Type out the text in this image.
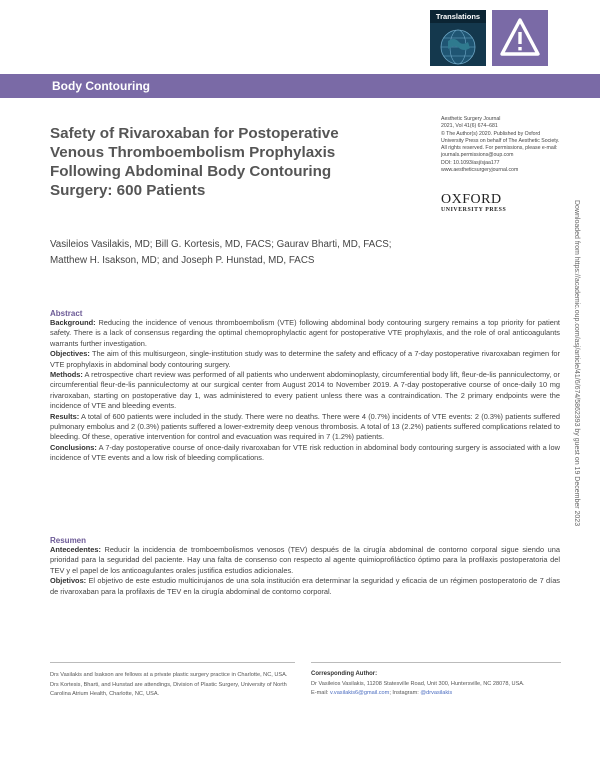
Translations
Body Contouring
Safety of Rivaroxaban for Postoperative Venous Thromboembolism Prophylaxis Following Abdominal Body Contouring Surgery: 600 Patients
Aesthetic Surgery Journal
2021, Vol 41(6) 674–681
© The Author(s) 2020. Published by Oxford University Press on behalf of The Aesthetic Society. All rights reserved. For permissions, please e-mail: journals.permissions@oup.com
DOI: 10.1093/asj/sjaa177
www.aestheticsurgeryjournal.com
OXFORD
UNIVERSITY PRESS
Vasileios Vasilakis, MD; Bill G. Kortesis, MD, FACS; Gaurav Bharti, MD, FACS;
Matthew H. Isakson, MD; and Joseph P. Hunstad, MD, FACS	Downloaded from https://academic.oup.com/asj/article/41/6/674/5862393 by guest on 19 December 2023
Abstract
Background: Reducing the incidence of venous thromboembolism (VTE) following abdominal body contouring surgery remains a top priority for patient safety. There is a lack of consensus regarding the optimal chemoprophylactic agent for postoperative VTE prophylaxis, and the role of oral anticoagulants warrants further investigation.
Objectives: The aim of this multisurgeon, single-institution study was to determine the safety and efficacy of a 7-day postoperative rivaroxaban regimen for VTE prophylaxis in abdominal body contouring surgery.
Methods: A retrospective chart review was performed of all patients who underwent abdominoplasty, circumferential body lift, fleur-de-lis panniculectomy, or circumferential fleur-de-lis panniculectomy at our surgical center from August 2014 to November 2019. A 7-day postoperative course of once-daily 10 mg rivaroxaban, starting on postoperative day 1, was administered to every patient unless there was a contraindication. The 2 primary endpoints were the incidence of VTE and bleeding events.
Results: A total of 600 patients were included in the study. There were no deaths. There were 4 (0.7%) incidents of VTE events: 2 (0.3%) patients suffered pulmonary embolus and 2 (0.3%) patients suffered a lower-extremity deep venous thrombosis. A total of 13 (2.2%) patients suffered complications related to bleeding. Of these, operative intervention for control and evacuation was required in 7 (1.2%) patients.
Conclusions: A 7-day postoperative course of once-daily rivaroxaban for VTE risk reduction in abdominal body contouring surgery is associated with a low incidence of VTE events and a low risk of bleeding complications.
Resumen
Antecedentes: Reducir la incidencia de tromboembolismos venosos (TEV) después de la cirugía abdominal de contorno corporal sigue siendo una prioridad para la seguridad del paciente. Hay una falta de consenso con respecto al agente quimioprofiláctico óptimo para la profilaxis postoperatoria del TEV y el papel de los anticoagulantes orales justifica estudios adicionales.
Objetivos: El objetivo de este estudio multicirujanos de una sola institución era determinar la seguridad y eficacia de un régimen postoperatorio de 7 días de rivaroxaban para la profilaxis de TEV en la cirugía abdominal de contorno corporal.
Drs Vasilakis and Isakson are fellows at a private plastic surgery practice in Charlotte, NC, USA. Drs Kortesis, Bharti, and Hunstad are attendings, Division of Plastic Surgery, University of North Carolina Atrium Health, Charlotte, NC, USA.
Corresponding Author:
Dr Vasileios Vasilakis, 11208 Statesville Road, Unit 300, Huntersville, NC 28078, USA.
E-mail: v.vasilakis6@gmail.com; Instagram: @drvasilakis
